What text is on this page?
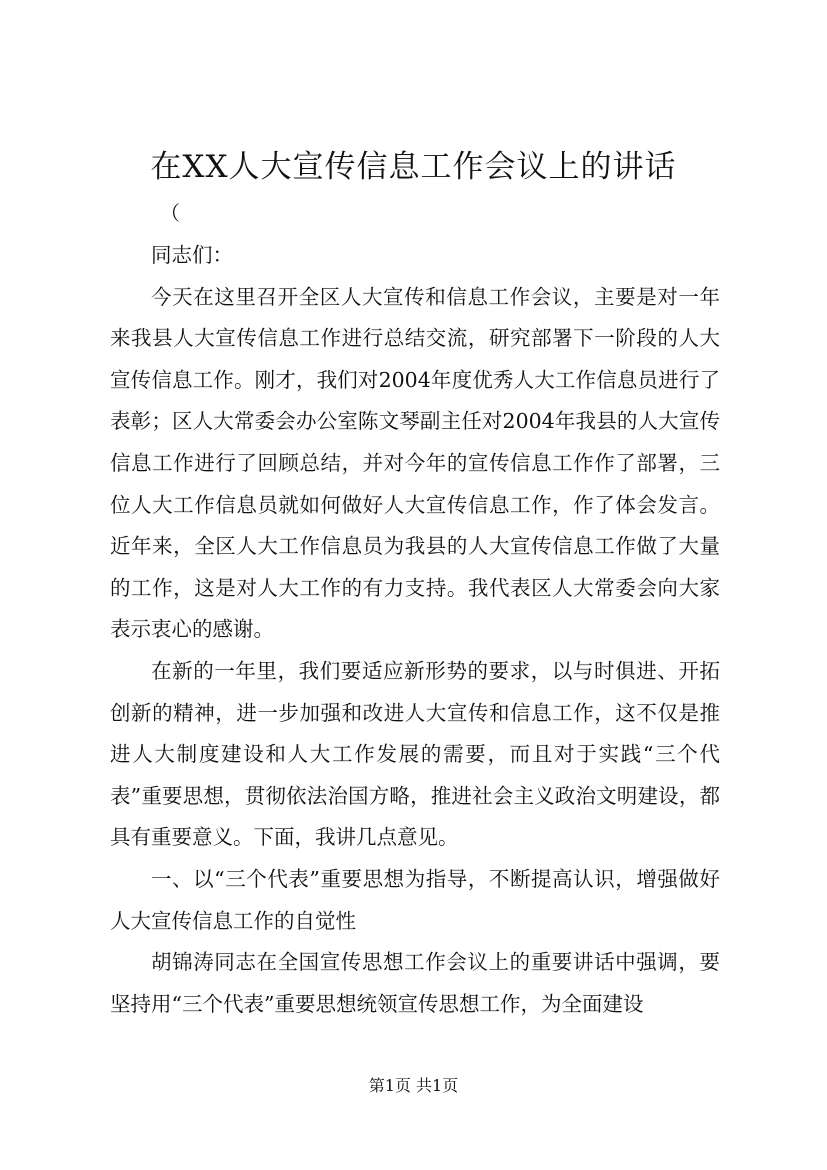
在XX人大宣传信息工作会议上的讲话
（

同志们：

今天在这里召开全区人大宣传和信息工作会议，主要是对一年来我县人大宣传信息工作进行总结交流，研究部署下一阶段的人大宣传信息工作。刚才，我们对2004年度优秀人大工作信息员进行了表彰；区人大常委会办公室陈文琴副主任对2004年我县的人大宣传信息工作进行了回顾总结，并对今年的宣传信息工作作了部署，三位人大工作信息员就如何做好人大宣传信息工作，作了体会发言。近年来，全区人大工作信息员为我县的人大宣传信息工作做了大量的工作，这是对人大工作的有力支持。我代表区人大常委会向大家表示衷心的感谢。

在新的一年里，我们要适应新形势的要求，以与时俱进、开拓创新的精神，进一步加强和改进人大宣传和信息工作，这不仅是推进人大制度建设和人大工作发展的需要，而且对于实践“三个代表”重要思想，贯彻依法治国方略，推进社会主义政治文明建设，都具有重要意义。下面，我讲几点意见。

一、以“三个代表”重要思想为指导，不断提高认识，增强做好人大宣传信息工作的自觉性

胡锦涛同志在全国宣传思想工作会议上的重要讲话中强调，要坚持用“三个代表”重要思想统领宣传思想工作，为全面建设

第1页 共1页
